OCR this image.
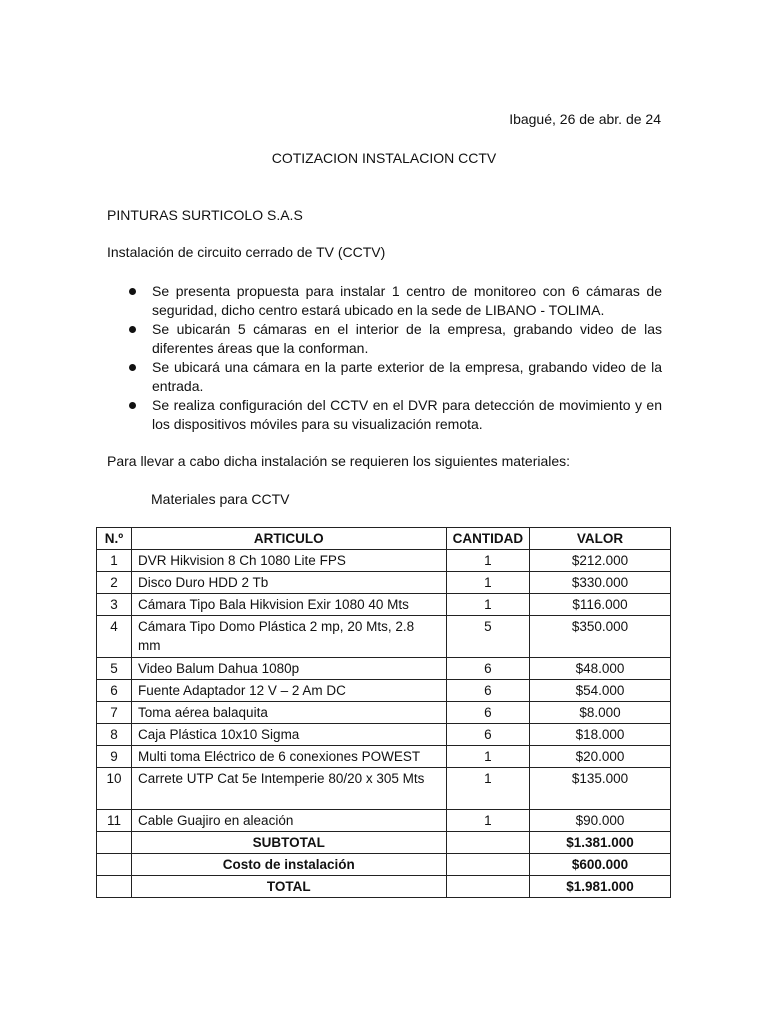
Ibagué, 26 de abr. de 24
COTIZACION INSTALACION CCTV
PINTURAS SURTICOLO S.A.S
Instalación de circuito cerrado de TV (CCTV)
Se presenta propuesta para instalar 1 centro de monitoreo con 6 cámaras de seguridad, dicho centro estará ubicado en la sede de LIBANO - TOLIMA.
Se ubicarán 5 cámaras en el interior de la empresa, grabando video de las diferentes áreas que la conforman.
Se ubicará una cámara en la parte exterior de la empresa, grabando video de la entrada.
Se realiza configuración del CCTV en el DVR para detección de movimiento y en los dispositivos móviles para su visualización remota.
Para llevar a cabo dicha instalación se requieren los siguientes materiales:
Materiales para CCTV
N.º	ARTICULO	CANTIDAD	VALOR
1	DVR Hikvision 8 Ch 1080 Lite FPS	1	$212.000
2	Disco Duro HDD 2 Tb	1	$330.000
3	Cámara Tipo Bala Hikvision Exir 1080 40 Mts	1	$116.000
4	Cámara Tipo Domo Plástica 2 mp, 20 Mts, 2.8 mm	5	$350.000
5	Video Balum Dahua 1080p	6	$48.000
6	Fuente Adaptador 12 V – 2 Am DC	6	$54.000
7	Toma aérea balaquita	6	$8.000
8	Caja Plástica 10x10 Sigma	6	$18.000
9	Multi toma Eléctrico de 6 conexiones POWEST	1	$20.000
10	Carrete UTP Cat 5e Intemperie 80/20 x 305 Mts	1	$135.000
11	Cable Guajiro en aleación	1	$90.000
	SUBTOTAL		$1.381.000
	Costo de instalación		$600.000
	TOTAL		$1.981.000
